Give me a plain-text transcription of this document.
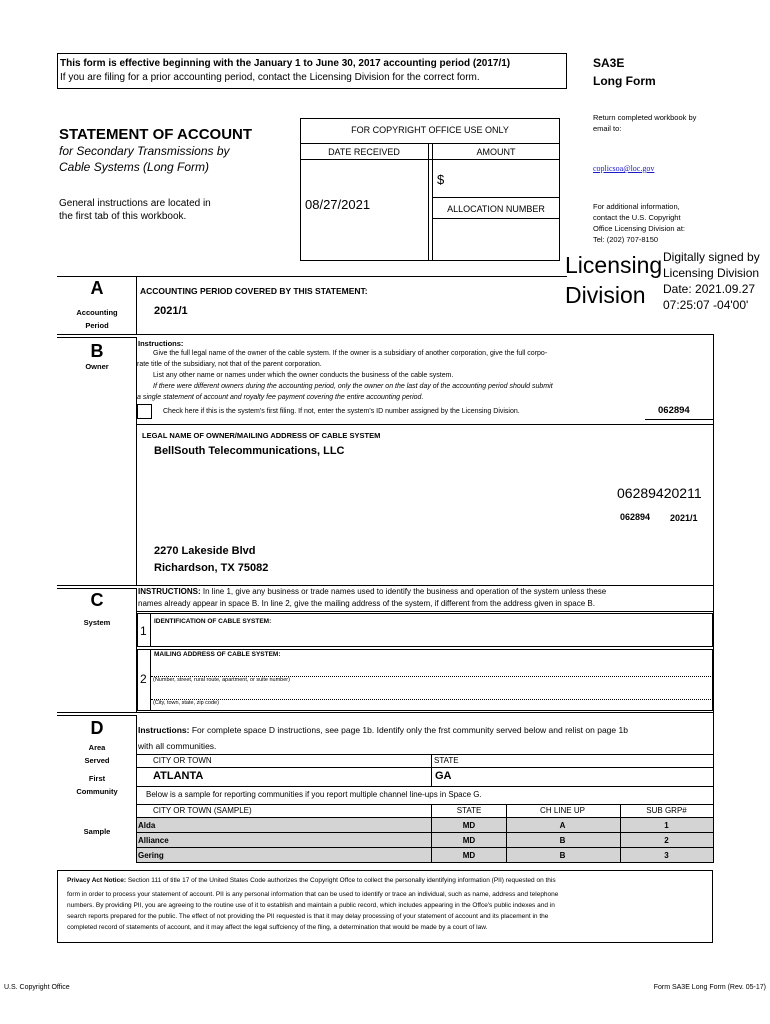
This form is effective beginning with the January 1 to June 30, 2017 accounting period (2017/1)
If you are filing for a prior accounting period, contact the Licensing Division for the correct form.
SA3E
Long Form
STATEMENT OF ACCOUNT
for Secondary Transmissions by
Cable Systems (Long Form)
General instructions are located in
the first tab of this workbook.
FOR COPYRIGHT OFFICE USE ONLY
DATE RECEIVED	AMOUNT
08/27/2021
$
ALLOCATION NUMBER
Return completed workbook by
email to:
coplicsoa@loc.gov
For additional information,
contact the U.S. Copyright
Office Licensing Division at:
Tel: (202) 707-8150
Licensing
Division
Digitally signed by
Licensing Division
Date: 2021.09.27
07:25:07 -04'00'
A
Accounting
Period
ACCOUNTING PERIOD COVERED BY THIS STATEMENT:
2021/1
B
Owner
Instructions:
Give the full legal name of the owner of the cable system. If the owner is a subsidiary of another corporation, give the full corpo-
rate title of the subsidiary, not that of the parent corporation.
List any other name or names under which the owner conducts the business of the cable system.
If there were different owners during the accounting period, only the owner on the last day of the accounting period should submit
a single statement of account and royalty fee payment covering the entire accounting period.
Check here if this is the system's first filing. If not, enter the system's ID number assigned by the Licensing Division.	062894
LEGAL NAME OF OWNER/MAILING ADDRESS OF CABLE SYSTEM
BellSouth Telecommunications, LLC
06289420211
062894 2021/1
2270 Lakeside Blvd
Richardson, TX 75082
C
System
INSTRUCTIONS: In line 1, give any business or trade names used to identify the business and operation of the system unless these
names already appear in space B. In line 2, give the mailing address of the system, if different from the address given in space B.
1
IDENTIFICATION OF CABLE SYSTEM:
MAILING ADDRESS OF CABLE SYSTEM:
2 (Number, street, rural route, apartment, or suite number)
(City, town, state, zip code)
D
Area
Served
First
Community
Sample
Instructions: For complete space D instructions, see page 1b. Identify only the frst community served below and relist on page 1b
with all communities.
CITY OR TOWN	STATE
ATLANTA	GA
Below is a sample for reporting communities if you report multiple channel line-ups in Space G.
CITY OR TOWN (SAMPLE)	STATE	CH LINE UP	SUB GRP#
Alda	MD	A	1
Alliance	MD	B	2
Gering	MD	B	3
Privacy Act Notice: Section 111 of title 17 of the United States Code authorizes the Copyright Offce to collect the personally identifying information (PII) requested on this
form in order to process your statement of account. PII is any personal information that can be used to identify or trace an individual, such as name, address and telephone
numbers. By providing PII, you are agreeing to the routine use of it to establish and maintain a public record, which includes appearing in the Offce's public indexes and in
search reports prepared for the public. The effect of not providing the PII requested is that it may delay processing of your statement of account and its placement in the
completed record of statements of account, and it may affect the legal suffciency of the fling, a determination that would be made by a court of law.
U.S. Copyright Office	Form SA3E Long Form (Rev. 05-17)
